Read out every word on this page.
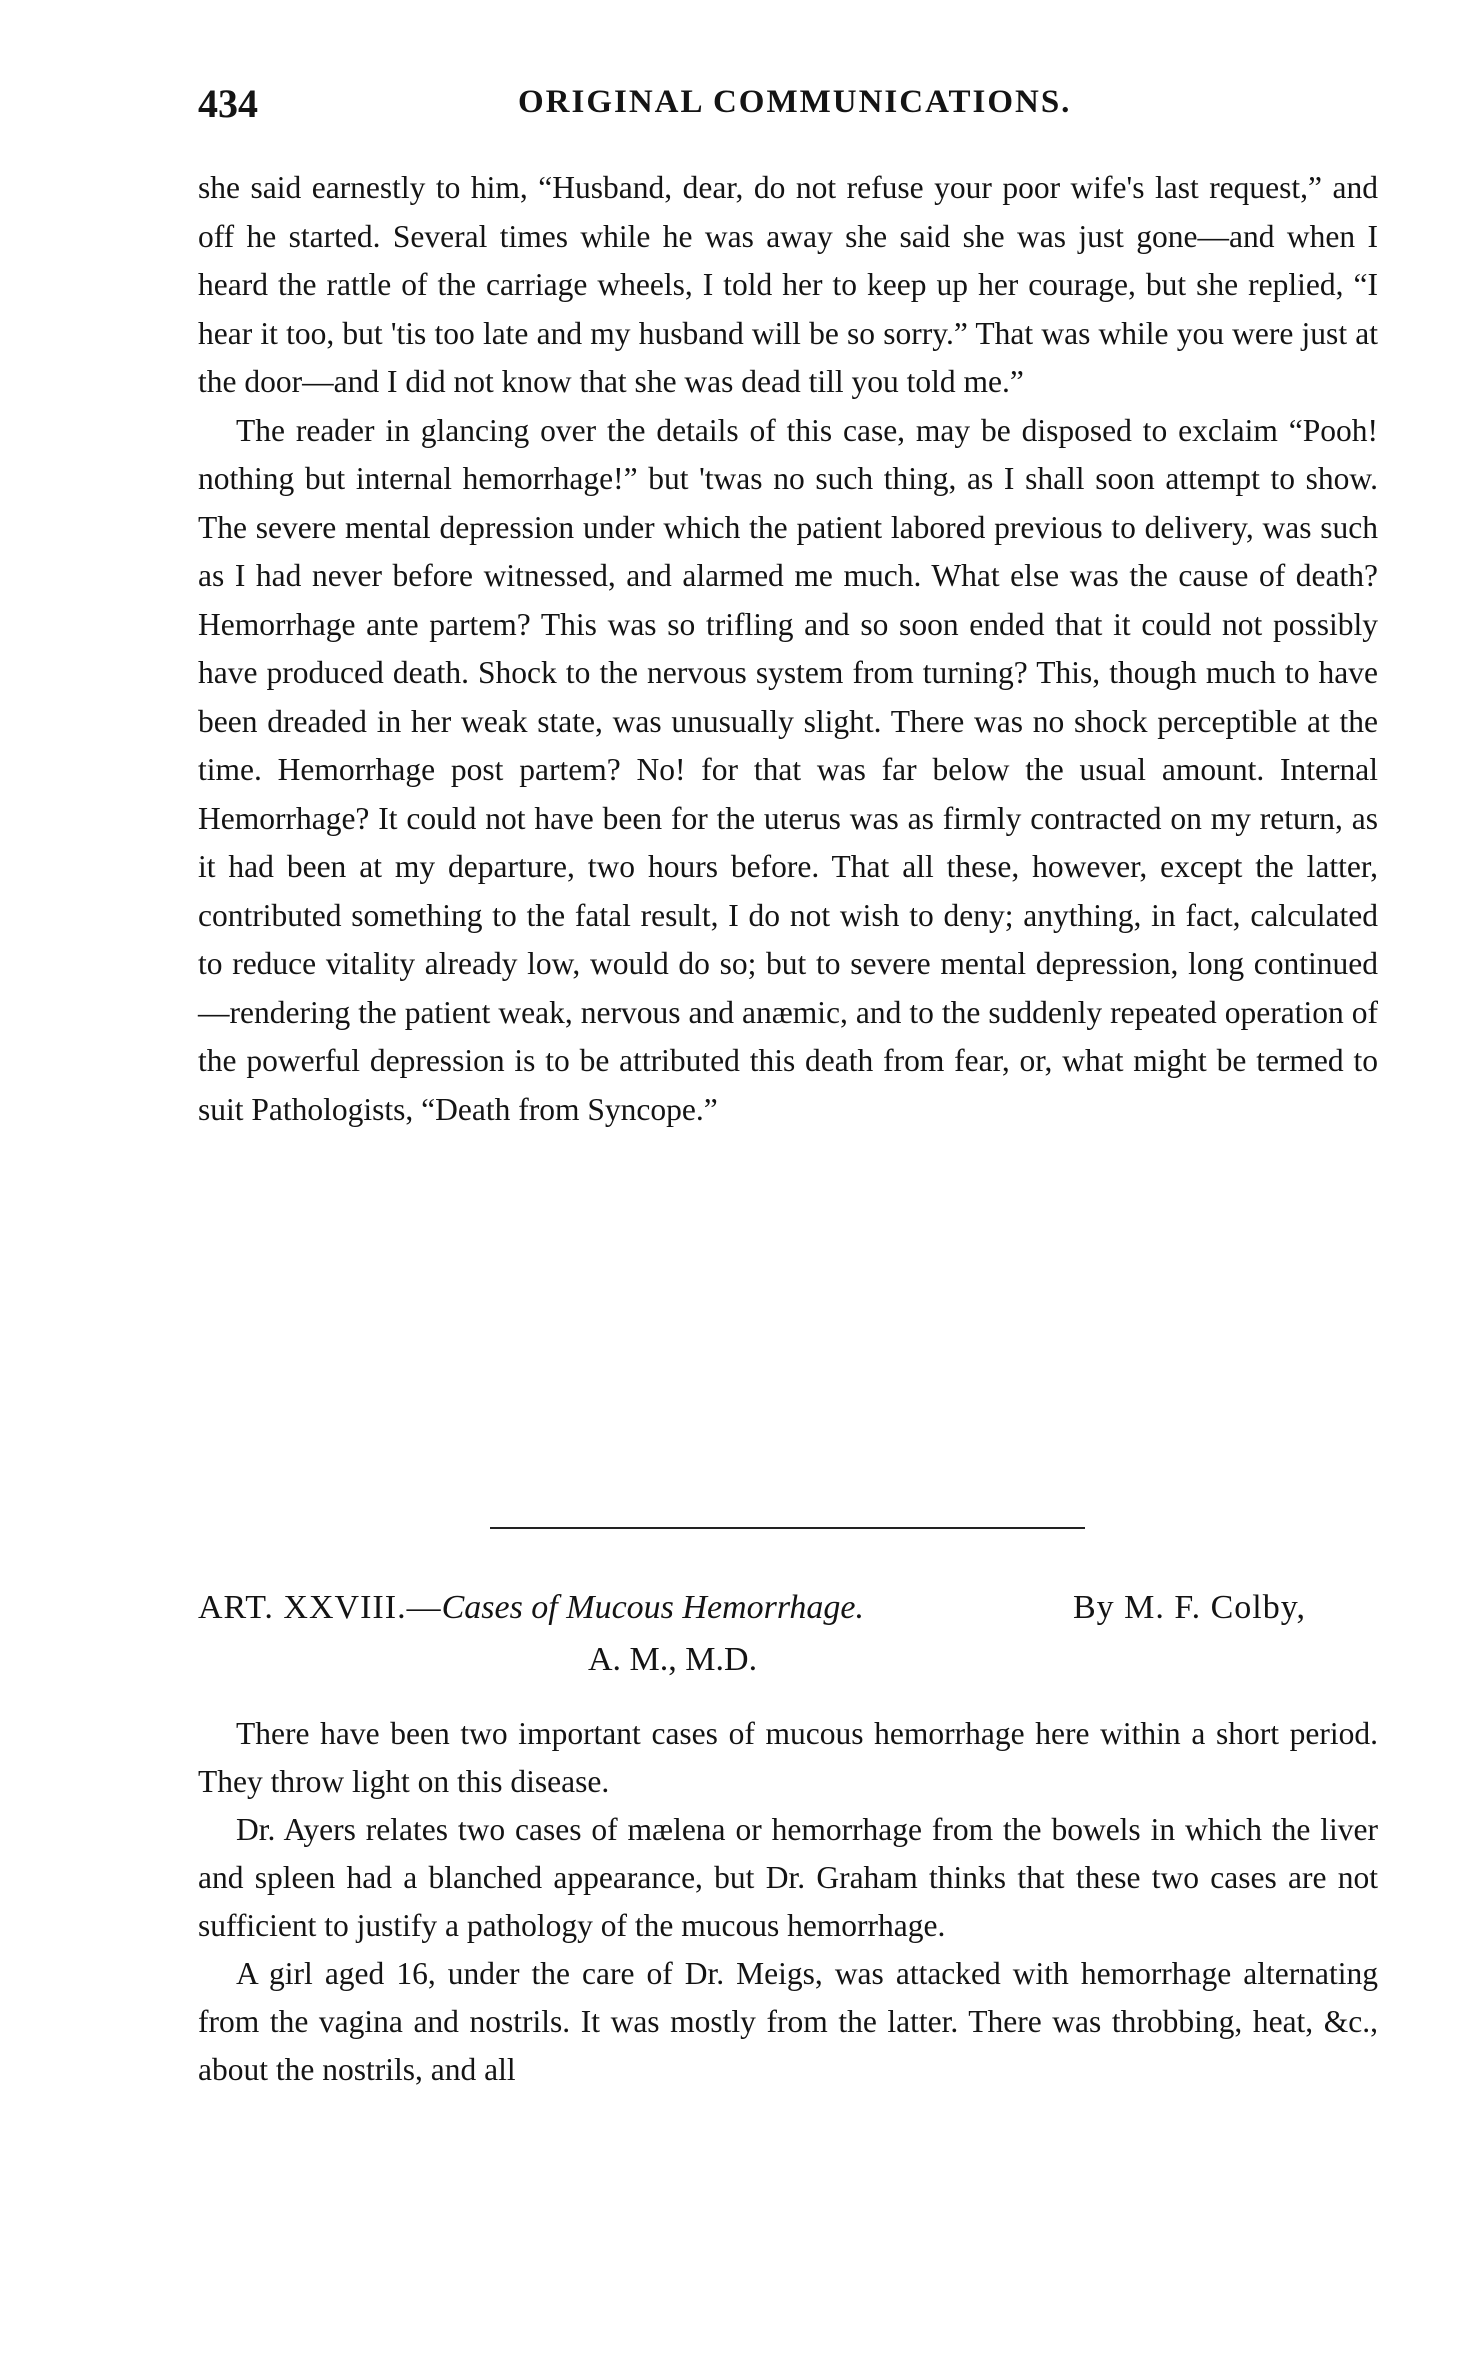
434	ORIGINAL COMMUNICATIONS.

she said earnestly to him, “Husband, dear, do not refuse your poor wife's last request,” and off he started. Several times while he was away she said she was just gone—and when I heard the rattle of the carriage wheels, I told her to keep up her courage, but she replied, “I hear it too, but 'tis too late and my husband will be so sorry.” That was while you were just at the door—and I did not know that she was dead till you told me.”

The reader in glancing over the details of this case, may be disposed to exclaim “Pooh! nothing but internal hemorrhage!” but 'twas no such thing, as I shall soon attempt to show. The severe mental depression under which the patient labored previous to delivery, was such as I had never before witnessed, and alarmed me much. What else was the cause of death? Hemorrhage ante partem? This was so trifling and so soon ended that it could not possibly have produced death. Shock to the nervous system from turning? This, though much to have been dreaded in her weak state, was unusually slight. There was no shock perceptible at the time. Hemorrhage post partem? No! for that was far below the usual amount. Internal Hemorrhage? It could not have been for the uterus was as firmly contracted on my return, as it had been at my departure, two hours before. That all these, however, except the latter, contributed something to the fatal result, I do not wish to deny; anything, in fact, calculated to reduce vitality already low, would do so; but to severe mental depression, long continued—rendering the patient weak, nervous and anæmic, and to the suddenly repeated operation of the powerful depression is to be attributed this death from fear, or, what might be termed to suit Pathologists, “Death from Syncope.”

ART. XXVIII.—Cases of Mucous Hemorrhage.	By M. F. Colby,
A. M., M.D.

There have been two important cases of mucous hemorrhage here within a short period. They throw light on this disease.

Dr. Ayers relates two cases of mælena or hemorrhage from the bowels in which the liver and spleen had a blanched appearance, but Dr. Graham thinks that these two cases are not sufficient to justify a pathology of the mucous hemorrhage.

A girl aged 16, under the care of Dr. Meigs, was attacked with hemorrhage alternating from the vagina and nostrils. It was mostly from the latter. There was throbbing, heat, &c., about the nostrils, and all
